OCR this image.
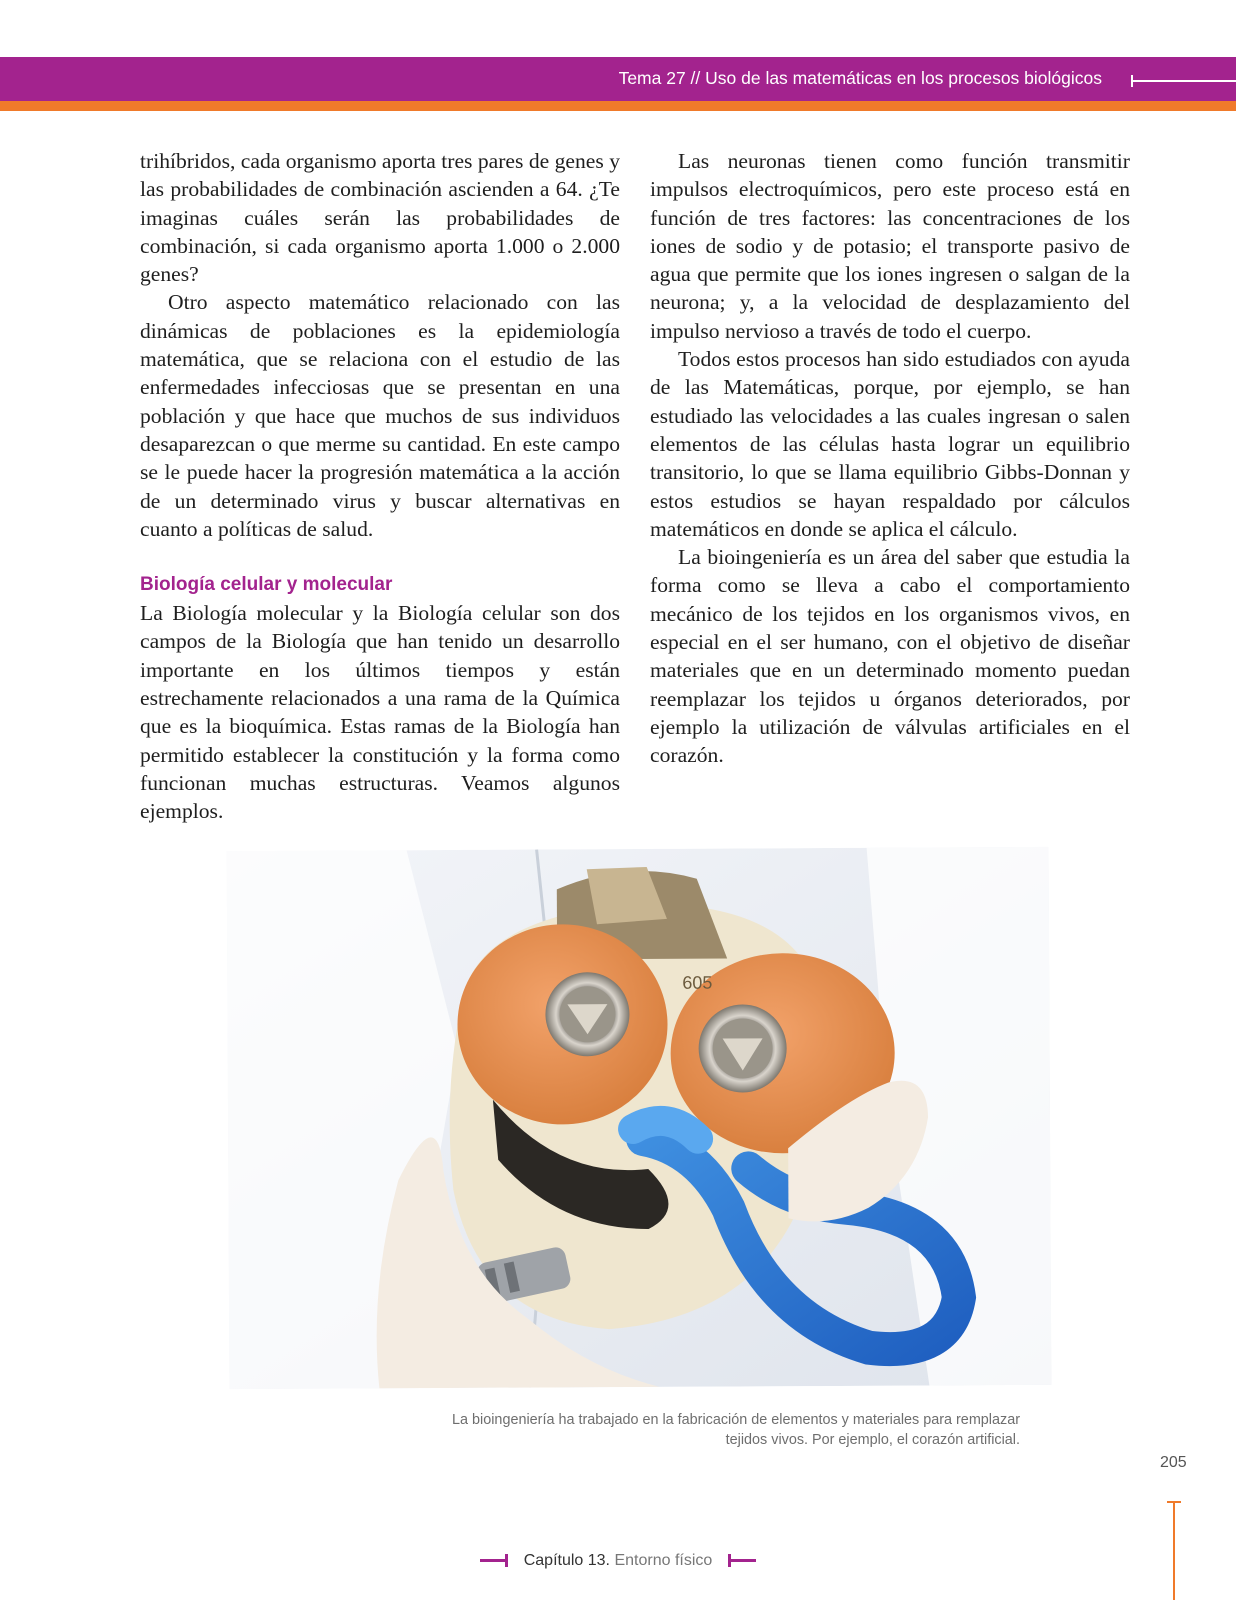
Tema 27 // Uso de las matemáticas en los procesos biológicos

trihíbridos, cada organismo aporta tres pares de genes y las probabilidades de combinación ascienden a 64. ¿Te imaginas cuáles serán las probabilidades de combinación, si cada organismo aporta 1.000 o 2.000 genes?

Otro aspecto matemático relacionado con las dinámicas de poblaciones es la epidemiología matemática, que se relaciona con el estudio de las enfermedades infecciosas que se presentan en una población y que hace que muchos de sus individuos desaparezcan o que merme su cantidad. En este campo se le puede hacer la progresión matemática a la acción de un determinado virus y buscar alternativas en cuanto a políticas de salud.

Biología celular y molecular

La Biología molecular y la Biología celular son dos campos de la Biología que han tenido un desarrollo importante en los últimos tiempos y están estrechamente relacionados a una rama de la Química que es la bioquímica. Estas ramas de la Biología han permitido establecer la constitución y la forma como funcionan muchas estructuras. Veamos algunos ejemplos.

Las neuronas tienen como función transmitir impulsos electroquímicos, pero este proceso está en función de tres factores: las concentraciones de los iones de sodio y de potasio; el transporte pasivo de agua que permite que los iones ingresen o salgan de la neurona; y, a la velocidad de desplazamiento del impulso nervioso a través de todo el cuerpo.

Todos estos procesos han sido estudiados con ayuda de las Matemáticas, porque, por ejemplo, se han estudiado las velocidades a las cuales ingresan o salen elementos de las células hasta lograr un equilibrio transitorio, lo que se llama equilibrio Gibbs-Donnan y estos estudios se hayan respaldado por cálculos matemáticos en donde se aplica el cálculo.

La bioingeniería es un área del saber que estudia la forma como se lleva a cabo el comportamiento mecánico de los tejidos en los organismos vivos, en especial en el ser humano, con el objetivo de diseñar materiales que en un determinado momento puedan reemplazar los tejidos u órganos deteriorados, por ejemplo la utilización de válvulas artificiales en el corazón.

605
La bioingeniería ha trabajado en la fabricación de elementos y materiales para remplazar
tejidos vivos. Por ejemplo, el corazón artificial.
205
Capítulo 13. Entorno físico
